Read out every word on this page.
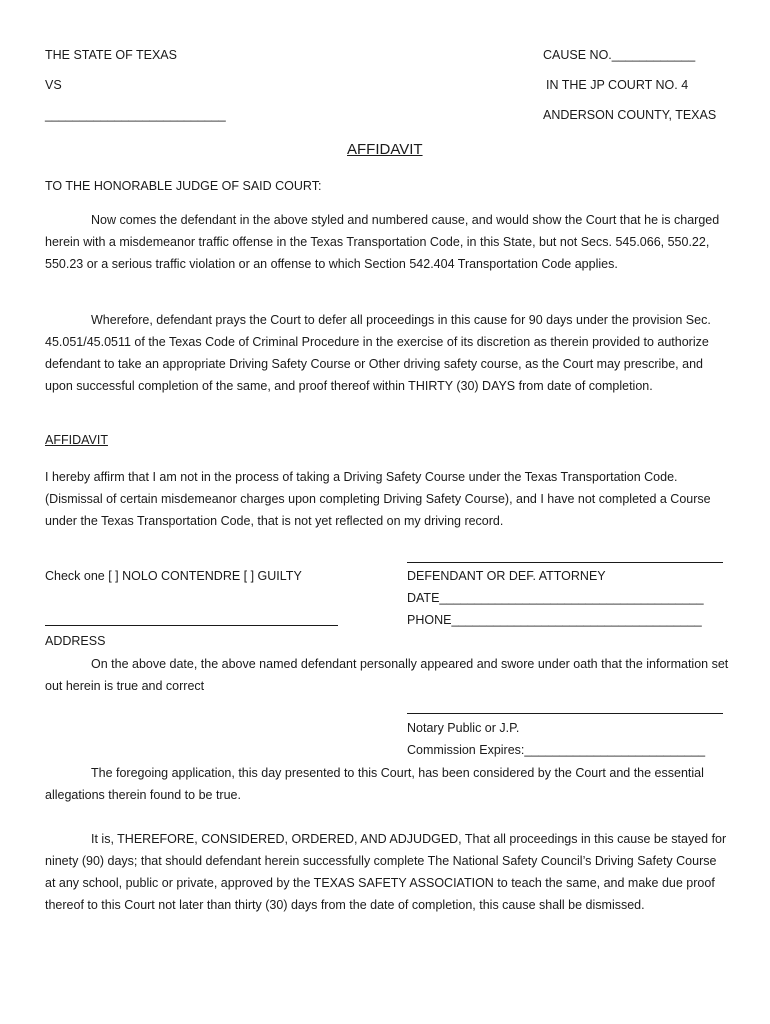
THE STATE OF TEXAS
VS
__________________________
CAUSE NO.____________
IN THE JP COURT NO. 4
ANDERSON COUNTY, TEXAS
AFFIDAVIT
TO THE HONORABLE JUDGE OF SAID COURT:
Now comes the defendant in the above styled and numbered cause, and would show the Court that he is charged herein with a misdemeanor traffic offense in the Texas Transportation Code, in this State, but not Secs. 545.066, 550.22, 550.23 or a serious traffic violation or an offense to which Section 542.404 Transportation Code applies.
Wherefore, defendant prays the Court to defer all proceedings in this cause for 90 days under the provision Sec. 45.051/45.0511 of the Texas Code of Criminal Procedure in the exercise of its discretion as therein provided to authorize defendant to take an appropriate Driving Safety Course or Other driving safety course, as the Court may prescribe, and upon successful completion of the same, and proof thereof within THIRTY (30) DAYS from date of completion.
AFFIDAVIT
I hereby affirm that I am not in the process of taking a Driving Safety Course under the Texas Transportation Code. (Dismissal of certain misdemeanor charges upon completing Driving Safety Course), and I have not completed a Course under the Texas Transportation Code, that is not yet reflected on my driving record.
Check one [ ] NOLO CONTENDRE [ ] GUILTY	DEFENDANT OR DEF. ATTORNEY
DATE______________________________________
PHONE____________________________________
ADDRESS
On the above date, the above named defendant personally appeared and swore under oath that the information set out herein is true and correct
Notary Public or J.P.
Commission Expires:__________________________
The foregoing application, this day presented to this Court, has been considered by the Court and the essential allegations therein found to be true.
It is, THEREFORE, CONSIDERED, ORDERED, AND ADJUDGED, That all proceedings in this cause be stayed for ninety (90) days; that should defendant herein successfully complete The National Safety Council’s Driving Safety Course at any school, public or private, approved by the TEXAS SAFETY ASSOCIATION to teach the same, and make due proof thereof to this Court not later than thirty (30) days from the date of completion, this cause shall be dismissed.
